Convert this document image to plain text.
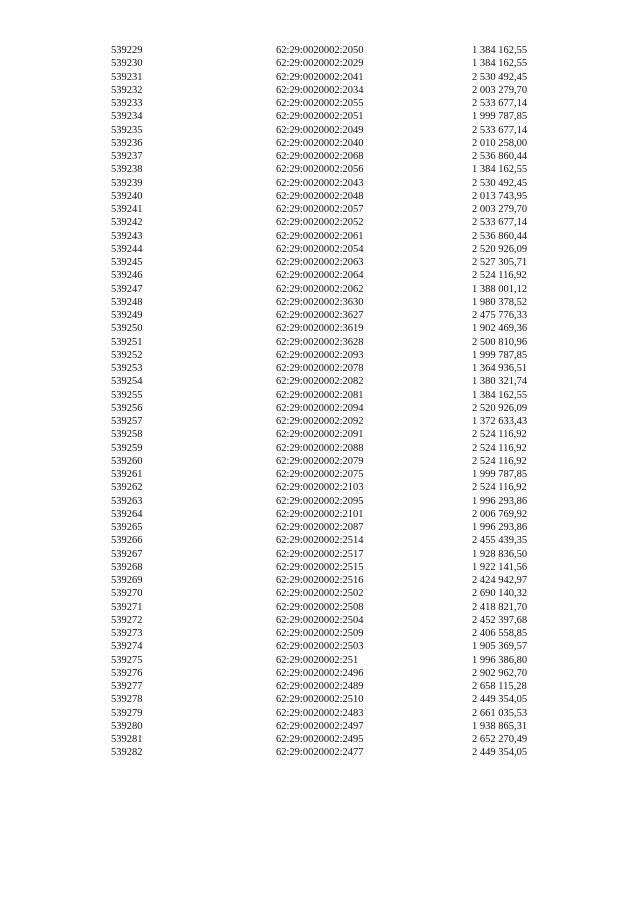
539229	62:29:0020002:2050	1 384 162,55
539230	62:29:0020002:2029	1 384 162,55
539231	62:29:0020002:2041	2 530 492,45
539232	62:29:0020002:2034	2 003 279,70
539233	62:29:0020002:2055	2 533 677,14
539234	62:29:0020002:2051	1 999 787,85
539235	62:29:0020002:2049	2 533 677,14
539236	62:29:0020002:2040	2 010 258,00
539237	62:29:0020002:2068	2 536 860,44
539238	62:29:0020002:2056	1 384 162,55
539239	62:29:0020002:2043	2 530 492,45
539240	62:29:0020002:2048	2 013 743,95
539241	62:29:0020002:2057	2 003 279,70
539242	62:29:0020002:2052	2 533 677,14
539243	62:29:0020002:2061	2 536 860,44
539244	62:29:0020002:2054	2 520 926,09
539245	62:29:0020002:2063	2 527 305,71
539246	62:29:0020002:2064	2 524 116,92
539247	62:29:0020002:2062	1 388 001,12
539248	62:29:0020002:3630	1 980 378,52
539249	62:29:0020002:3627	2 475 776,33
539250	62:29:0020002:3619	1 902 469,36
539251	62:29:0020002:3628	2 500 810,96
539252	62:29:0020002:2093	1 999 787,85
539253	62:29:0020002:2078	1 364 936,51
539254	62:29:0020002:2082	1 380 321,74
539255	62:29:0020002:2081	1 384 162,55
539256	62:29:0020002:2094	2 520 926,09
539257	62:29:0020002:2092	1 372 633,43
539258	62:29:0020002:2091	2 524 116,92
539259	62:29:0020002:2088	2 524 116,92
539260	62:29:0020002:2079	2 524 116,92
539261	62:29:0020002:2075	1 999 787,85
539262	62:29:0020002:2103	2 524 116,92
539263	62:29:0020002:2095	1 996 293,86
539264	62:29:0020002:2101	2 006 769,92
539265	62:29:0020002:2087	1 996 293,86
539266	62:29:0020002:2514	2 455 439,35
539267	62:29:0020002:2517	1 928 836,50
539268	62:29:0020002:2515	1 922 141,56
539269	62:29:0020002:2516	2 424 942,97
539270	62:29:0020002:2502	2 690 140,32
539271	62:29:0020002:2508	2 418 821,70
539272	62:29:0020002:2504	2 452 397,68
539273	62:29:0020002:2509	2 406 558,85
539274	62:29:0020002:2503	1 905 369,57
539275	62:29:0020002:251	1 996 386,80
539276	62:29:0020002:2496	2 902 962,70
539277	62:29:0020002:2489	2 658 115,28
539278	62:29:0020002:2510	2 449 354,05
539279	62:29:0020002:2483	2 661 035,53
539280	62:29:0020002:2497	1 938 865,31
539281	62:29:0020002:2495	2 652 270,49
539282	62:29:0020002:2477	2 449 354,05
